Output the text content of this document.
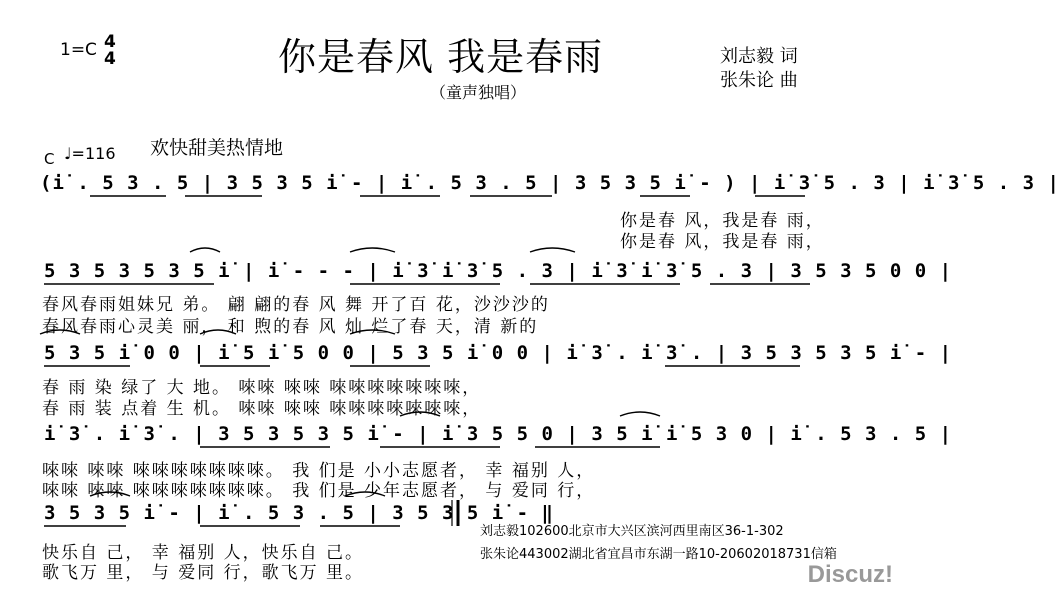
你是春风 我是春雨
（童声独唱）
刘志毅 词
张朱论 曲
1=C 4
4
C ♩=116 欢快甜美热情地
(i̇ . 5 3 . 5 | 3 5 3 5 i̇ - | i̇ . 5 3 . 5 | 3 5 3 5 i̇ - ) | i̇ 3̇ 5 . 3 | i̇ 3̇ 5 . 3 |
你是春 风，我是春 雨，
你是春 风，我是春 雨，
5 3 5 3 5 3 5 i̇ | i̇ - - - | i̇ 3̇ i̇ 3̇ 5 . 3 | i̇ 3̇ i̇ 3̇ 5 . 3 | 3 5 3 5 0 0 |
春风春雨姐妹兄 弟。 翩 翩的春 风 舞 开了百 花，沙沙沙的
春风春雨心灵美 丽， 和 煦的春 风 灿 烂了春 天，清 新的
5 3 5 i̇ 0 0 | i̇ 5 i̇ 5 0 0 | 5 3 5 i̇ 0 0 | i̇ 3̇ . i̇ 3̇ . | 3 5 3 5 3 5 i̇ - |
春 雨 染 绿了 大 地。 唻唻 唻唻 唻唻唻唻唻唻唻，
春 雨 装 点着 生 机。 唻唻 唻唻 唻唻唻唻唻唻唻，
i̇ 3̇ . i̇ 3̇ . | 3 5 3 5 3 5 i̇ - | i̇ 3 5 5 0 | 3 5 i̇ i̇ 5 3 0 | i̇ . 5 3 . 5 |
唻唻 唻唻 唻唻唻唻唻唻唻。 我 们是 小小志愿者， 幸 福别 人，
唻唻 唻唻 唻唻唻唻唻唻唻。 我 们是 少年志愿者， 与 爱同 行，
3 5 3 5 i̇ - | i̇ . 5 3 . 5 | 3 5 3 5 i̇ - ‖
快乐自 己， 幸 福别 人，快乐自 己。
歌飞万 里， 与 爱同 行，歌飞万 里。
刘志毅102600北京市大兴区滨河西里南区36-1-302
张朱论443002湖北省宜昌市东湖一路10-20602018731信箱
Discuz!
